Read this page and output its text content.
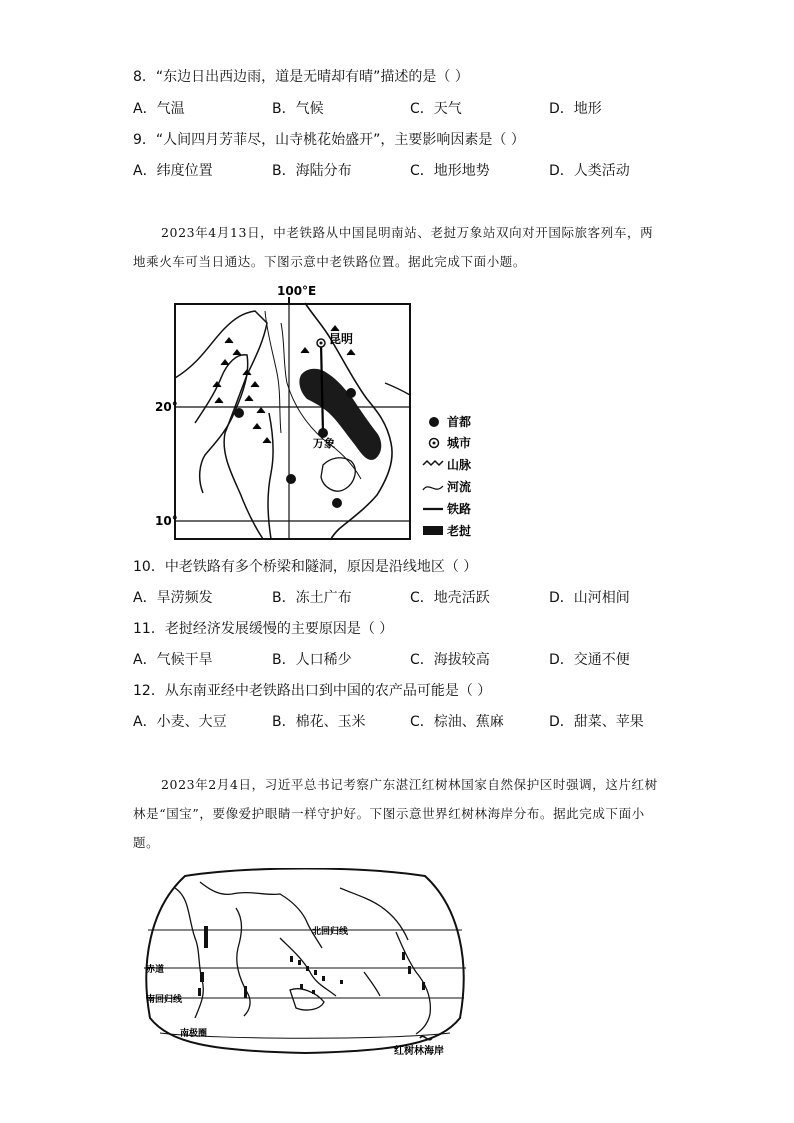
8．“东边日出西边雨，道是无晴却有晴”描述的是（ ）
A．气温	B．气候	C．天气	D．地形
9．“人间四月芳菲尽，山寺桃花始盛开”，主要影响因素是（ ）
A．纬度位置	B．海陆分布	C．地形地势	D．人类活动
2023年4月13日，中老铁路从中国昆明南站、老挝万象站双向对开国际旅客列车，两地乘火车可当日通达。下图示意中老铁路位置。据此完成下面小题。
100°E
20°
10°
昆明
万象
首都
城市
山脉
河流
铁路
老挝
10．中老铁路有多个桥梁和隧洞，原因是沿线地区（ ）
A．旱涝频发	B．冻土广布	C．地壳活跃	D．山河相间
11．老挝经济发展缓慢的主要原因是（ ）
A．气候干旱	B．人口稀少	C．海拔较高	D．交通不便
12．从东南亚经中老铁路出口到中国的农产品可能是（ ）
A．小麦、大豆	B．棉花、玉米	C．棕油、蕉麻	D．甜菜、苹果
2023年2月4日，习近平总书记考察广东湛江红树林国家自然保护区时强调，这片红树林是“国宝”，要像爱护眼睛一样守护好。下图示意世界红树林海岸分布。据此完成下面小题。
北回归线
赤道
南回归线
南极圈
红树林海岸
